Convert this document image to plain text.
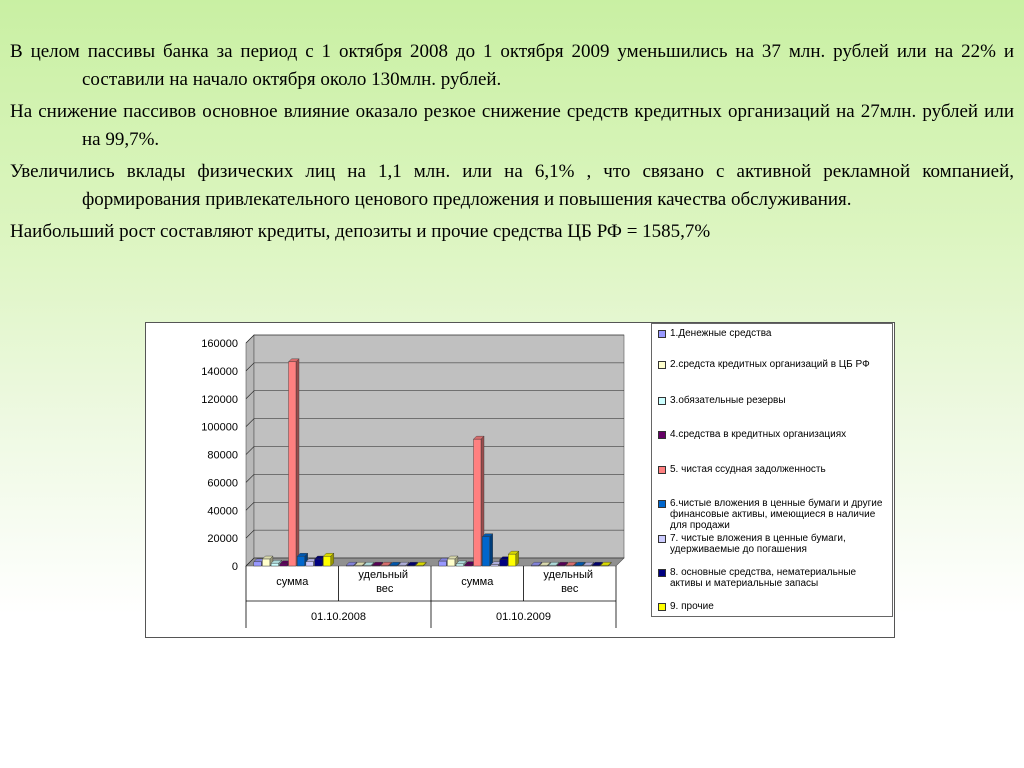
В целом пассивы банка за период с 1 октября 2008 до 1 октября 2009 уменьшились на 37 млн. рублей или на 22% и составили на начало октября около 130млн. рублей.

На снижение пассивов основное влияние оказало резкое снижение средств кредитных организаций на 27млн. рублей или на 99,7%.

Увеличились вклады физических лиц на 1,1 млн. или на 6,1% , что связано с активной рекламной компанией, формирования привлекательного ценового предложения и повышения качества обслуживания.

Наибольший рост составляют кредиты, депозиты и прочие средства ЦБ РФ = 1585,7%

160000
140000
120000
100000
80000
60000
40000
20000
0
сумма
удельный вес
сумма
удельный вес
01.10.2008	01.10.2009
1.Денежные средства
2.средста кредитных организаций в ЦБ РФ
3.обязательные резервы
4.средства в кредитных организациях
5. чистая ссудная задолженность
6.чистые вложения в ценные бумаги и другие финансовые активы, имеющиеся в наличие для продажи
7. чистые вложения в ценные бумаги, удерживаемые до погашения
8. основные средства, нематериальные активы и материальные запасы
9. прочие
